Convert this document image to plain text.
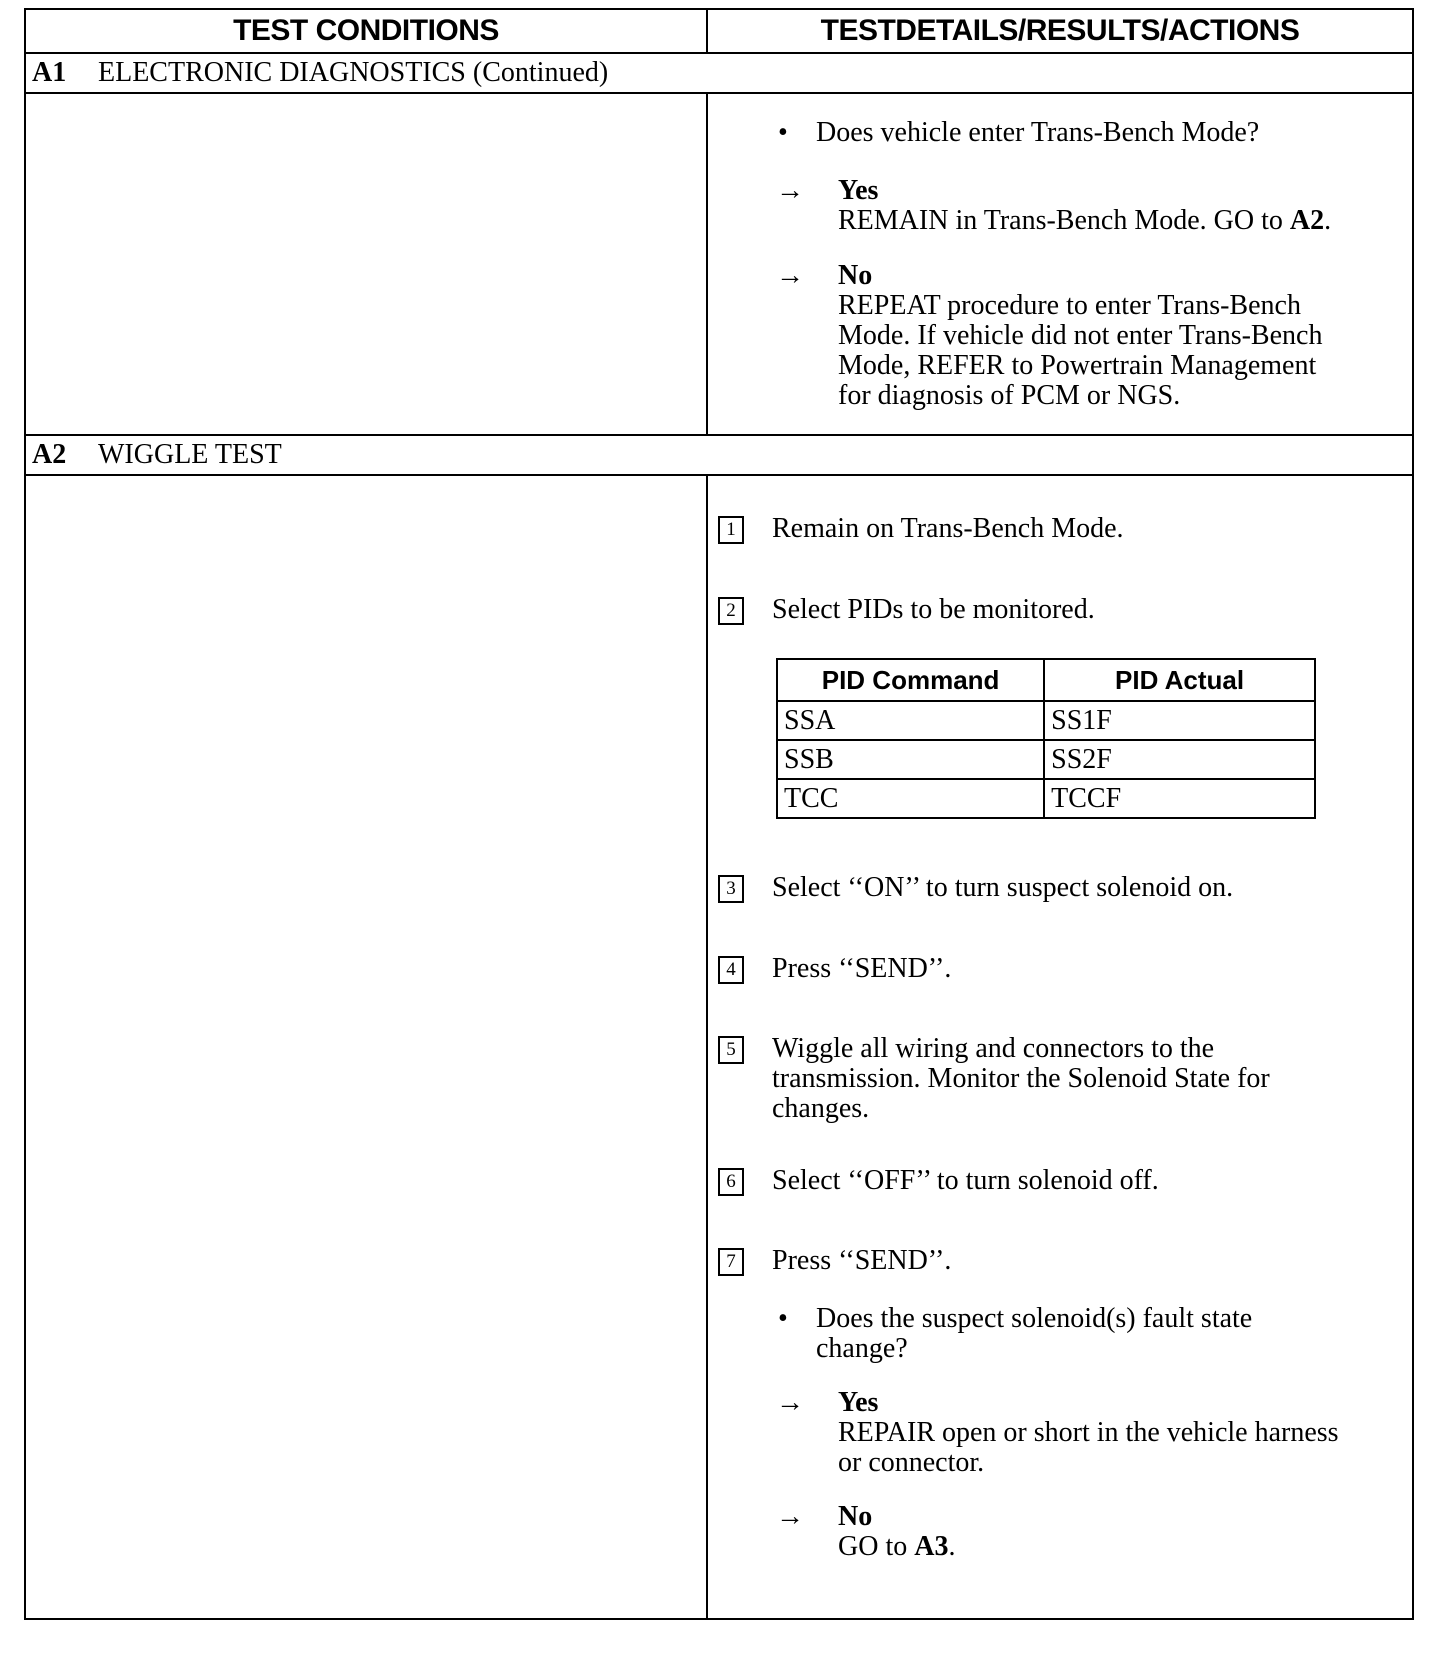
TEST CONDITIONS	TESTDETAILS/RESULTS/ACTIONS
A1	ELECTRONIC DIAGNOSTICS (Continued)
•	Does vehicle enter Trans-Bench Mode?
→	Yes
REMAIN in Trans-Bench Mode. GO to A2.
→	No
REPEAT procedure to enter Trans-Bench
Mode. If vehicle did not enter Trans-Bench
Mode, REFER to Powertrain Management
for diagnosis of PCM or NGS.
A2	WIGGLE TEST
1 Remain on Trans-Bench Mode.
2 Select PIDs to be monitored.
PID Command	PID Actual
SSA	SS1F
SSB	SS2F
TCC	TCCF
3 Select ‘‘ON’’ to turn suspect solenoid on.
4 Press ‘‘SEND’’.
5 Wiggle all wiring and connectors to the
transmission. Monitor the Solenoid State for
changes.
6 Select ‘‘OFF’’ to turn solenoid off.
7 Press ‘‘SEND’’.
•	Does the suspect solenoid(s) fault state
change?
→	Yes
REPAIR open or short in the vehicle harness
or connector.
→	No
GO to A3.
